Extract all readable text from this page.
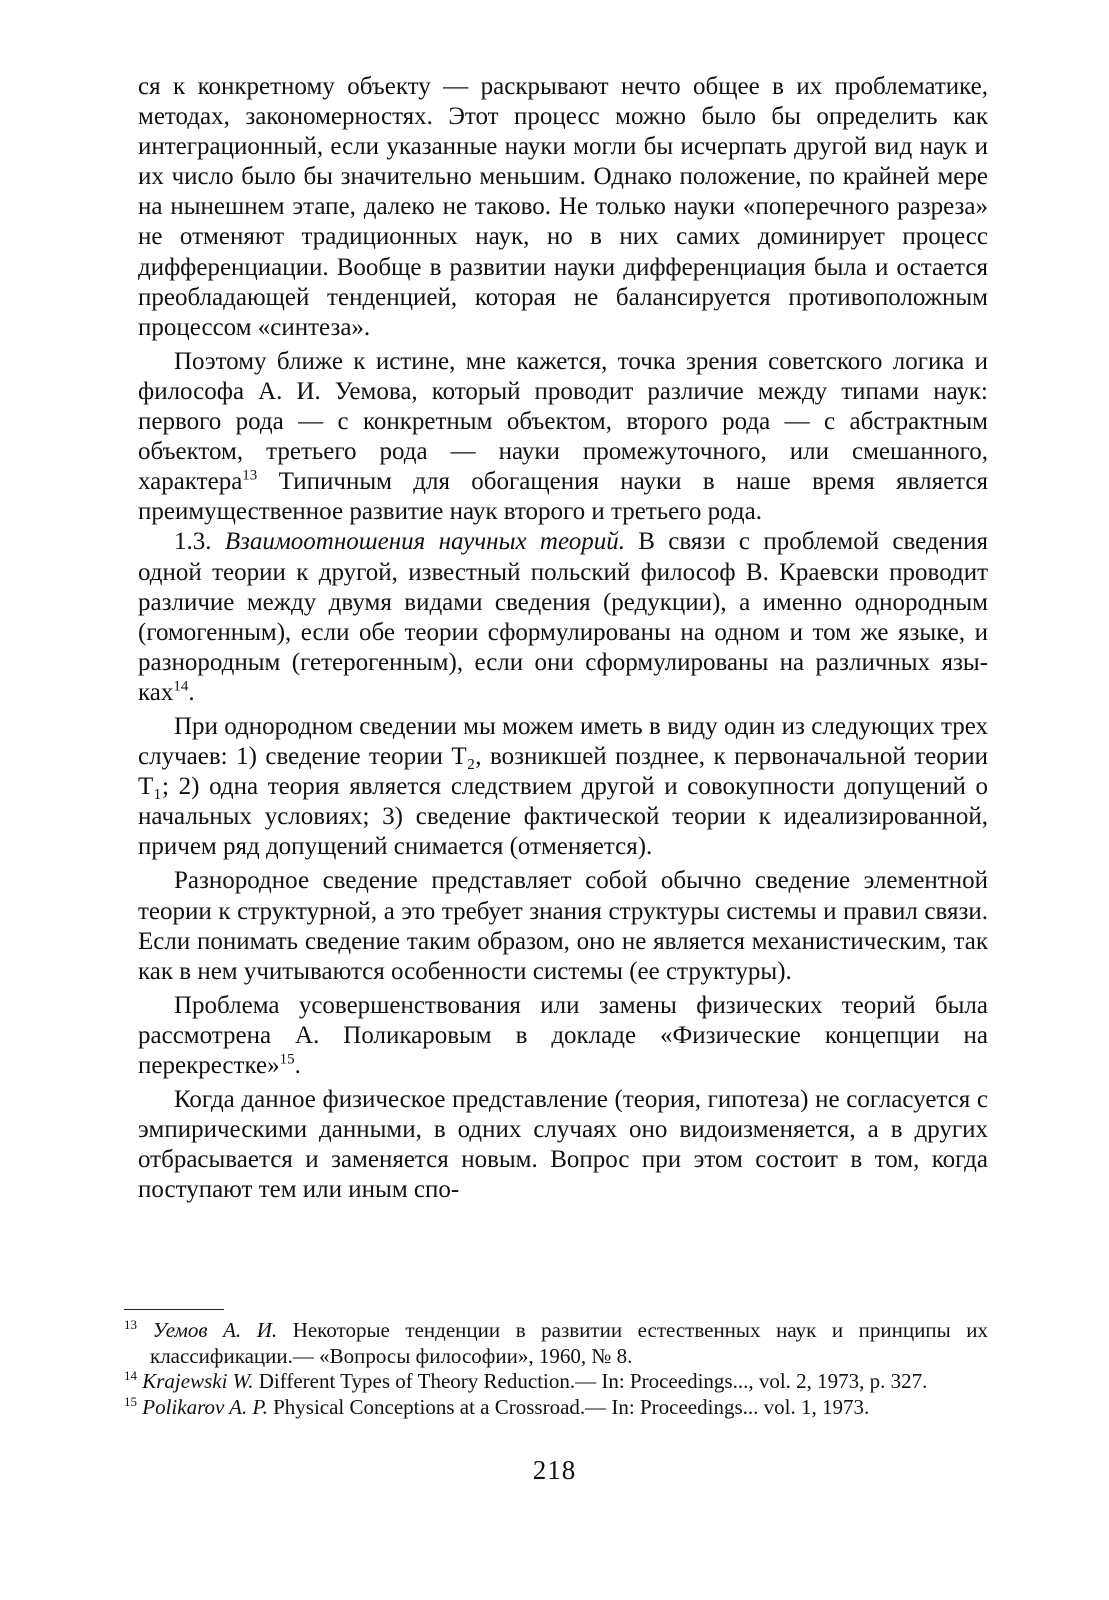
ся к конкретному объекту — раскрывают нечто общее в их проблематике, методах, закономерностях. Этот процесс можно было бы определить как интеграционный, если указанные науки могли бы исчерпать другой вид наук и их число было бы значительно меньшим. Однако положение, по крайней мере на нынешнем этапе, далеко не таково. Не только науки «поперечного разреза» не отменяют традиционных наук, но в них самих доминирует процесс дифференциации. Вообще в развитии науки дифференциация была и остается преобладающей тенденцией, которая не балансируется противоположным процессом «синтеза».

Поэтому ближе к истине, мне кажется, точка зрения советского логика и философа А. И. Уемова, который проводит различие между типами наук: первого рода — с конкретным объектом, второго рода — с абстрактным объектом, третьего рода — науки промежуточного, или смешанного, характера$^{13}$ Типичным для обогащения науки в наше время является преимущественное развитие наук второго и третьего рода.

1.3. Взаимоотношения научных теорий. В связи с проблемой сведения одной теории к другой, известный польский философ В. Краевски проводит различие между двумя видами сведения (редукции), а именно однородным (гомогенным), если обе теории сформулированы на одном и том же языке, и разнородным (гетерогенным), если они сформулированы на различных языках$^{14}$.

При однородном сведении мы можем иметь в виду один из следующих трех случаев: 1) сведение теории T₂, возникшей позднее, к первоначальной теории T₁; 2) одна теория является следствием другой и совокупности допущений о начальных условиях; 3) сведение фактической теории к идеализированной, причем ряд допущений снимается (отменяется).

Разнородное сведение представляет собой обычно сведение элементной теории к структурной, а это требует знания структуры системы и правил связи. Если понимать сведение таким образом, оно не является механистическим, так как в нем учитываются особенности системы (ее структуры).

Проблема усовершенствования или замены физических теорий была рассмотрена А. Поликаровым в докладе «Физические концепции на перекрестке»$^{15}$.

Когда данное физическое представление (теория, гипотеза) не согласуется с эмпирическими данными, в одних случаях оно видоизменяется, а в других отбрасывается и заменяется новым. Вопрос при этом состоит в том, когда поступают тем или иным спо-

$^{13}$ Уемов А. И. Некоторые тенденции в развитии естественных наук и принципы их классификации.— «Вопросы философии», 1960, № 8.

$^{14}$ Krajewski W. Different Types of Theory Reduction.— In: Proceedings..., vol. 2, 1973, p. 327.

$^{15}$ Polikarov A. P. Physical Conceptions at a Crossroad.— In: Proceedings... vol. 1, 1973.

218
